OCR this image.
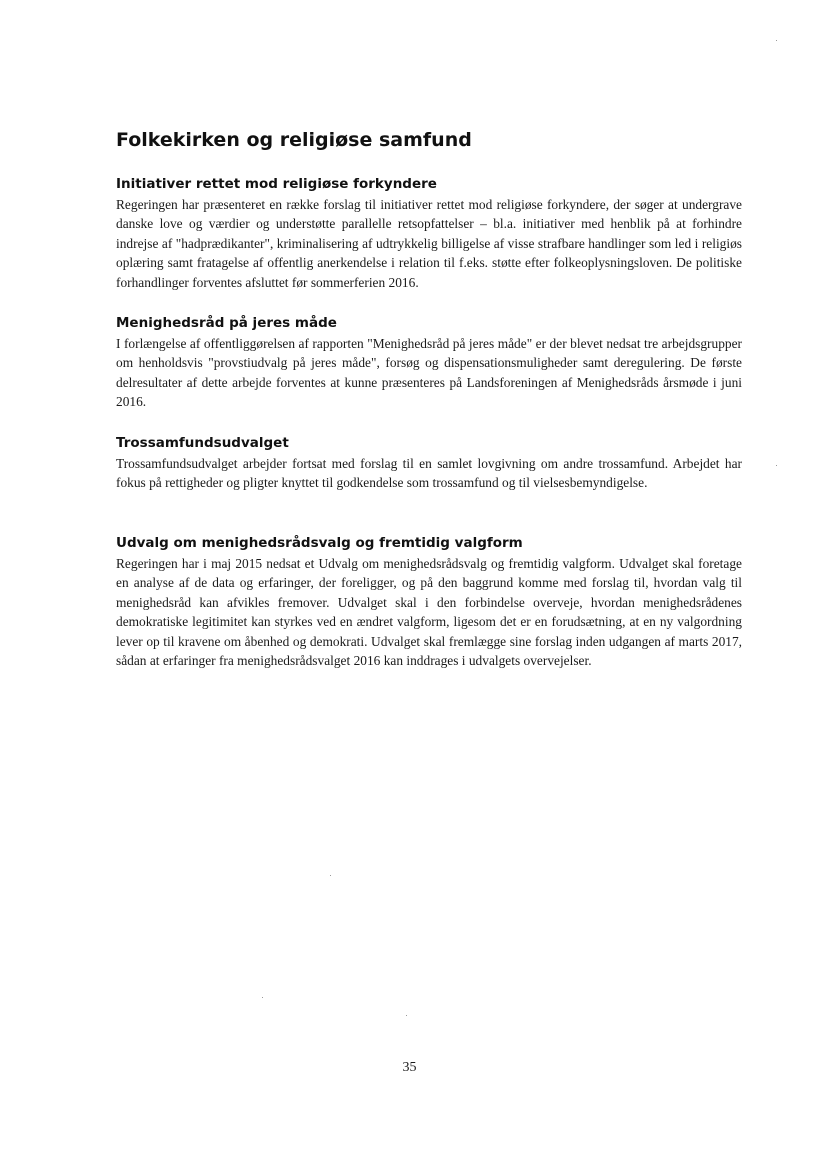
Folkekirken og religiøse samfund
Initiativer rettet mod religiøse forkyndere

Regeringen har præsenteret en række forslag til initiativer rettet mod religiøse forkyndere, der søger at undergrave danske love og værdier og understøtte parallelle retsopfattelser – bl.a. initiativer med henblik på at forhindre indrejse af "hadprædikanter", kriminalisering af udtrykkelig billigelse af visse strafbare handlinger som led i religiøs oplæring samt fratagelse af offentlig anerkendelse i relation til f.eks. støtte efter folkeoplysningsloven. De politiske forhandlinger forventes afsluttet før sommerferien 2016.

Menighedsråd på jeres måde

I forlængelse af offentliggørelsen af rapporten "Menighedsråd på jeres måde" er der blevet nedsat tre arbejdsgrupper om henholdsvis "provstiudvalg på jeres måde", forsøg og dispensationsmuligheder samt deregulering. De første delresultater af dette arbejde forventes at kunne præsenteres på Landsforeningen af Menighedsråds årsmøde i juni 2016.

Trossamfundsudvalget

Trossamfundsudvalget arbejder fortsat med forslag til en samlet lovgivning om andre trossamfund. Arbejdet har fokus på rettigheder og pligter knyttet til godkendelse som trossamfund og til vielsesbemyndigelse.

Udvalg om menighedsrådsvalg og fremtidig valgform

Regeringen har i maj 2015 nedsat et Udvalg om menighedsrådsvalg og fremtidig valgform. Udvalget skal foretage en analyse af de data og erfaringer, der foreligger, og på den baggrund komme med forslag til, hvordan valg til menighedsråd kan afvikles fremover. Udvalget skal i den forbindelse overveje, hvordan menighedsrådenes demokratiske legitimitet kan styrkes ved en ændret valgform, ligesom det er en forudsætning, at en ny valgordning lever op til kravene om åbenhed og demokrati. Udvalget skal fremlægge sine forslag inden udgangen af marts 2017, sådan at erfaringer fra menighedsrådsvalget 2016 kan inddrages i udvalgets overvejelser.

35
